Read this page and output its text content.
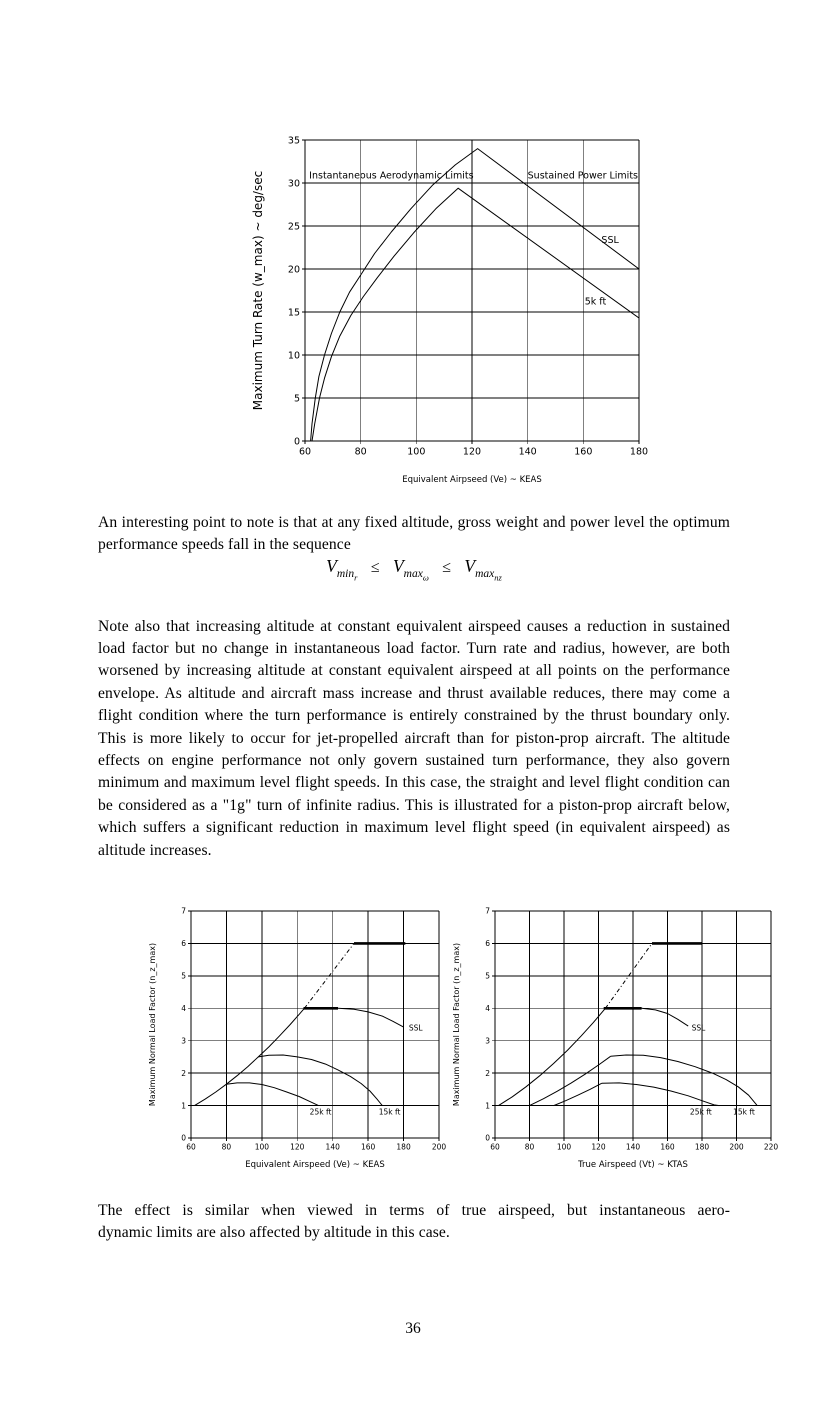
60	80	100	120	140	160	180
0
5
10
15
20
25
30
35
Instantaneous Aerodynamic Limits	Sustained Power Limits
SSL
5k ft
Equivalent Airpseed (Ve) ~ KEAS
Maximum Turn Rate (w_max) ~ deg/sec

An interesting point to note is that at any fixed altitude, gross weight and power level the optimum performance speeds fall in the sequence

$V_{min_r} \le V_{max_\omega} \le V_{max_{nz}}$

Note also that increasing altitude at constant equivalent airspeed causes a reduction in sustained load factor but no change in instantaneous load factor. Turn rate and radius, however, are both worsened by increasing altitude at constant equivalent airspeed at all points on the performance envelope. As altitude and aircraft mass increase and thrust available reduces, there may come a flight condition where the turn performance is entirely constrained by the thrust boundary only. This is more likely to occur for jet-propelled aircraft than for piston-prop aircraft. The altitude effects on engine performance not only govern sustained turn performance, they also govern minimum and maximum level flight speeds. In this case, the straight and level flight condition can be considered as a "1g" turn of infinite radius. This is illustrated for a piston-prop aircraft below, which suffers a significant reduction in maximum level flight speed (in equivalent airspeed) as altitude increases.

60	80	100	120	140	160	180	200
0
1
2
3
4
5
6
7
SSL
25k ft	15k ft
Equivalent Airspeed (Ve) ~ KEAS
Maximum Normal Load Factor (n_z_max)
60	80	100	120	140	160	180	200	220
0
1
2
3
4
5
6
7
SSL
25k ft	15k ft
True Airspeed (Vt) ~ KTAS
Maximum Normal Load Factor (n_z_max)

The effect is similar when viewed in terms of true airspeed, but instantaneous aero-
dynamic limits are also affected by altitude in this case.

36
